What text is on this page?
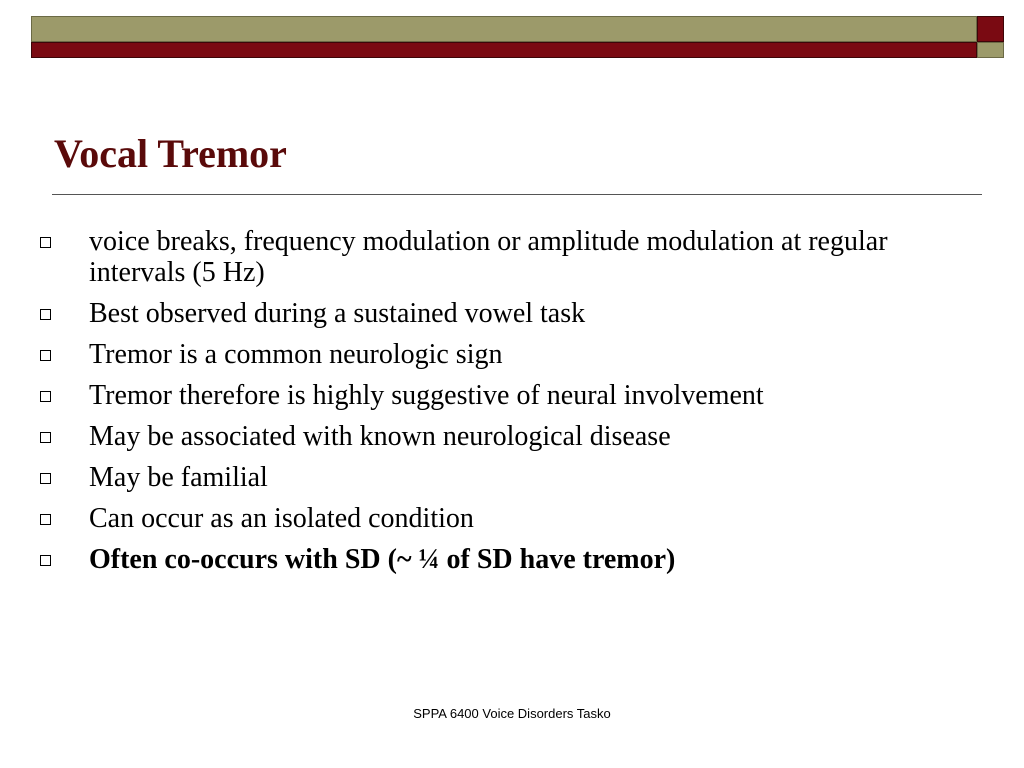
Vocal Tremor
voice breaks, frequency modulation or amplitude modulation at regular intervals (5 Hz)
Best observed during a sustained vowel task
Tremor is a common neurologic sign
Tremor therefore is highly suggestive of neural involvement
May be associated with known neurological disease
May be familial
Can occur as an isolated condition
Often co-occurs with SD (~ ¼ of SD have tremor)
SPPA 6400 Voice Disorders Tasko
